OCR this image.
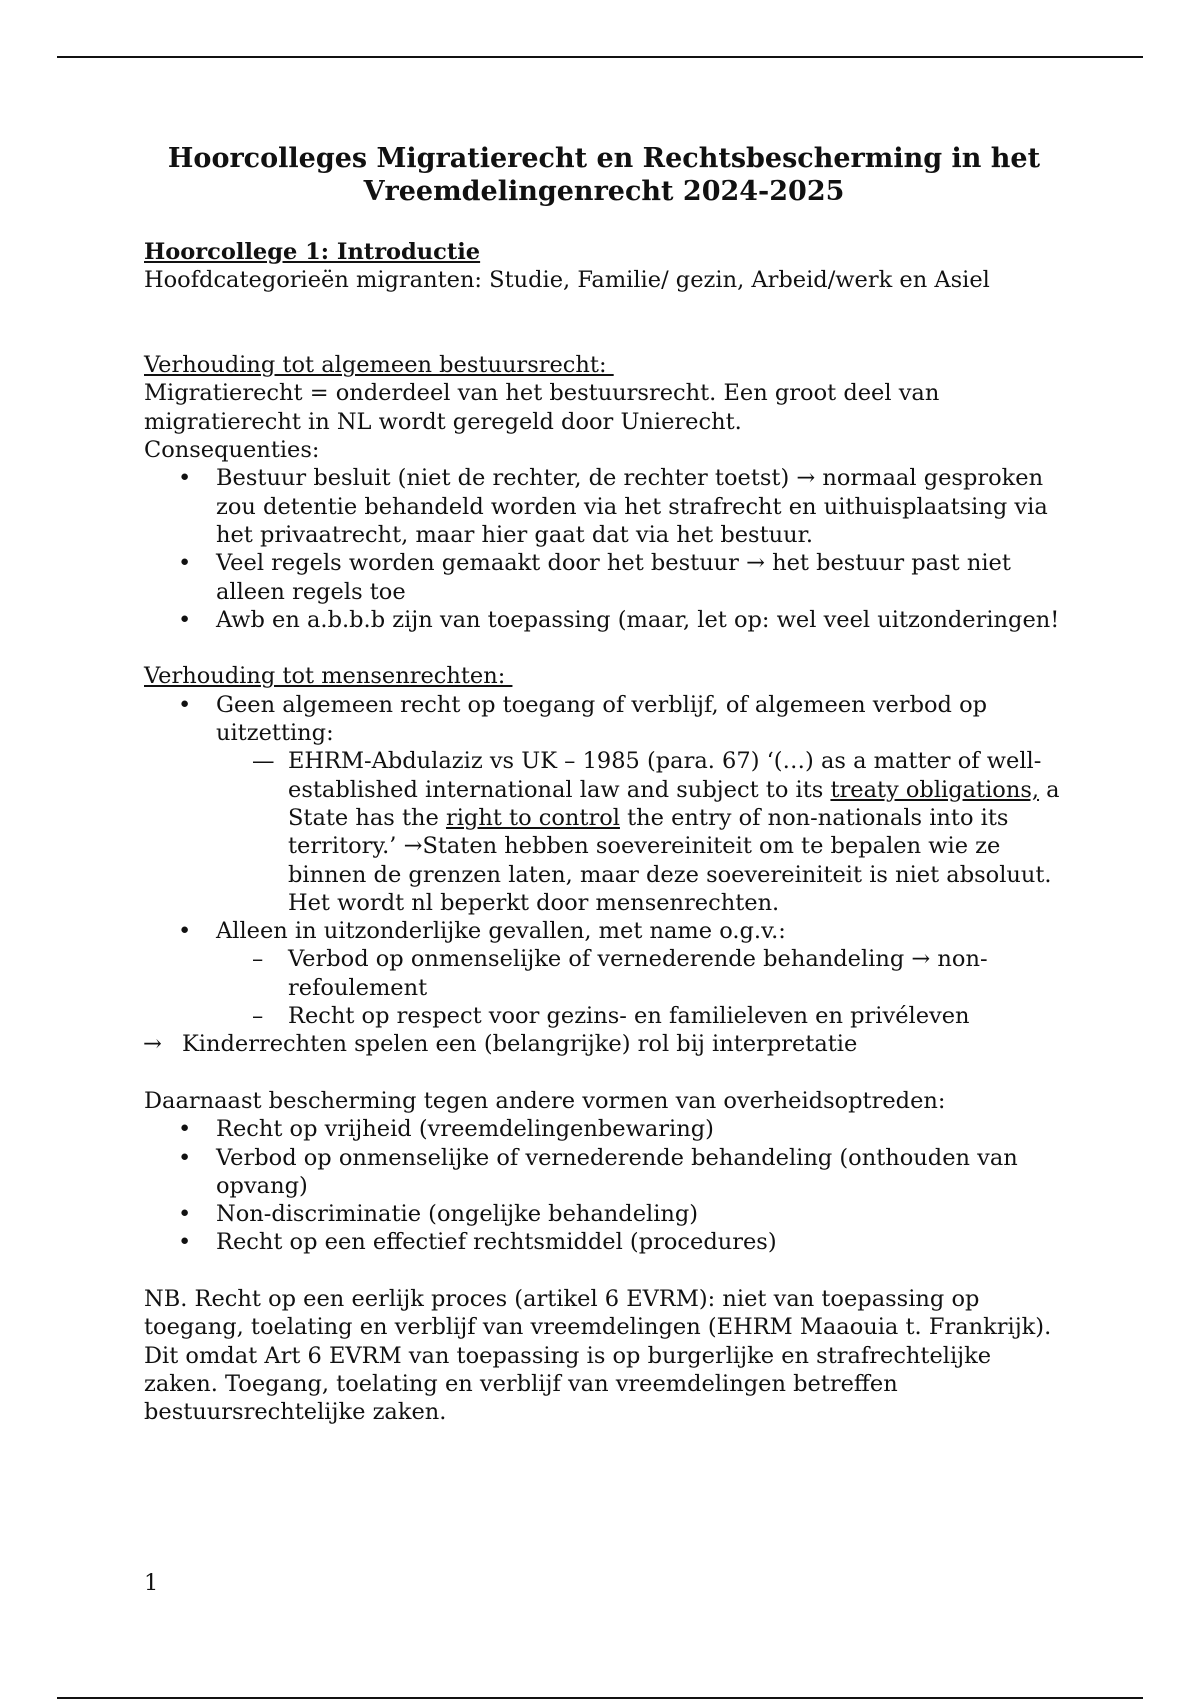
Hoorcolleges Migratierecht en Rechtsbescherming in het
Vreemdelingenrecht 2024-2025

Hoorcollege 1: Introductie

Hoofdcategorieën migranten: Studie, Familie/ gezin, Arbeid/werk en Asiel

Verhouding tot algemeen bestuursrecht:

Migratierecht = onderdeel van het bestuursrecht. Een groot deel van migratierecht in NL wordt geregeld door Unierecht.

Consequenties:

• Bestuur besluit (niet de rechter, de rechter toetst) → normaal gesproken zou detentie behandeld worden via het strafrecht en uithuisplaatsing via het privaatrecht, maar hier gaat dat via het bestuur.
• Veel regels worden gemaakt door het bestuur → het bestuur past niet alleen regels toe
• Awb en a.b.b.b zijn van toepassing (maar, let op: wel veel uitzonderingen!
Verhouding tot mensenrechten:
• Geen algemeen recht op toegang of verblijf, of algemeen verbod op uitzetting:
— EHRM-Abdulaziz vs UK – 1985 (para. 67) ‘(…) as a matter of well-established international law and subject to its treaty obligations, a State has the right to control the entry of non-nationals into its territory.’ →Staten hebben soevereiniteit om te bepalen wie ze binnen de grenzen laten, maar deze soevereiniteit is niet absoluut. Het wordt nl beperkt door mensenrechten.
• Alleen in uitzonderlijke gevallen, met name o.g.v.:
– Verbod op onmenselijke of vernederende behandeling → non-refoulement
– Recht op respect voor gezins- en familieleven en privéleven
→ Kinderrechten spelen een (belangrijke) rol bij interpretatie

Daarnaast bescherming tegen andere vormen van overheidsoptreden:

• Recht op vrijheid (vreemdelingenbewaring)
• Verbod op onmenselijke of vernederende behandeling (onthouden van opvang)
• Non-discriminatie (ongelijke behandeling)
• Recht op een effectief rechtsmiddel (procedures)

NB. Recht op een eerlijk proces (artikel 6 EVRM): niet van toepassing op toegang, toelating en verblijf van vreemdelingen (EHRM Maaouia t. Frankrijk). Dit omdat Art 6 EVRM van toepassing is op burgerlijke en strafrechtelijke zaken. Toegang, toelating en verblijf van vreemdelingen betreffen bestuursrechtelijke zaken.

1
